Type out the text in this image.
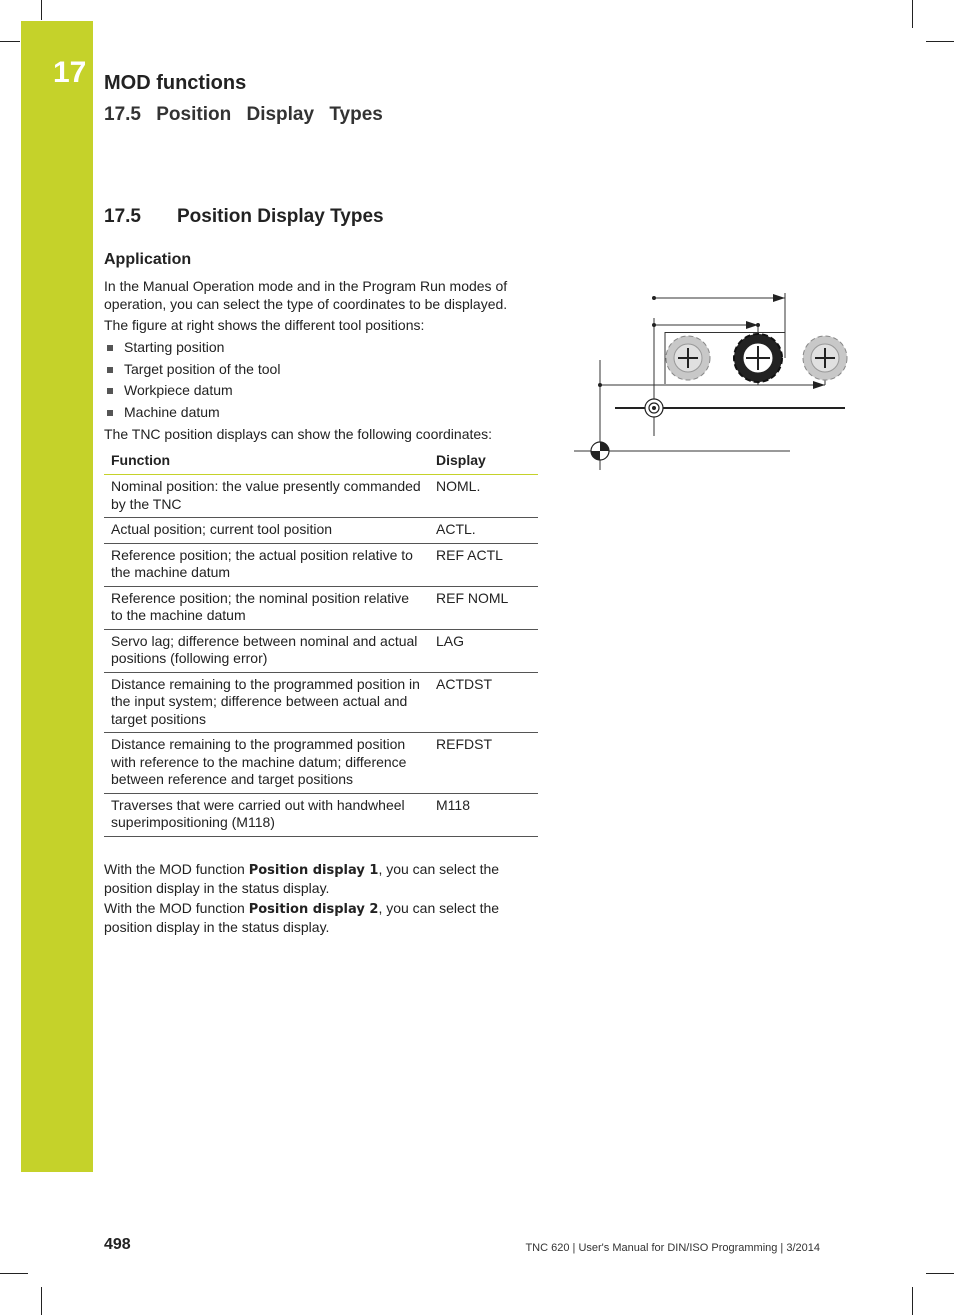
17 MOD functions
17.5 Position Display Types
17.5 Position Display Types
Application
In the Manual Operation mode and in the Program Run modes of operation, you can select the type of coordinates to be displayed.
The figure at right shows the different tool positions:
Starting position
Target position of the tool
Workpiece datum
Machine datum
The TNC position displays can show the following coordinates:
Function	Display
Nominal position: the value presently commanded by the TNC	NOML.
Actual position; current tool position	ACTL.
Reference position; the actual position relative to the machine datum	REF ACTL
Reference position; the nominal position relative to the machine datum	REF NOML
Servo lag; difference between nominal and actual positions (following error)	LAG
Distance remaining to the programmed position in the input system; difference between actual and target positions	ACTDST
Distance remaining to the programmed position with reference to the machine datum; difference between reference and target positions	REFDST
Traverses that were carried out with handwheel superimpositioning (M118)	M118
With the MOD function Position display 1, you can select the position display in the status display.
With the MOD function Position display 2, you can select the position display in the status display.
498	TNC 620 | User's Manual for DIN/ISO Programming | 3/2014
